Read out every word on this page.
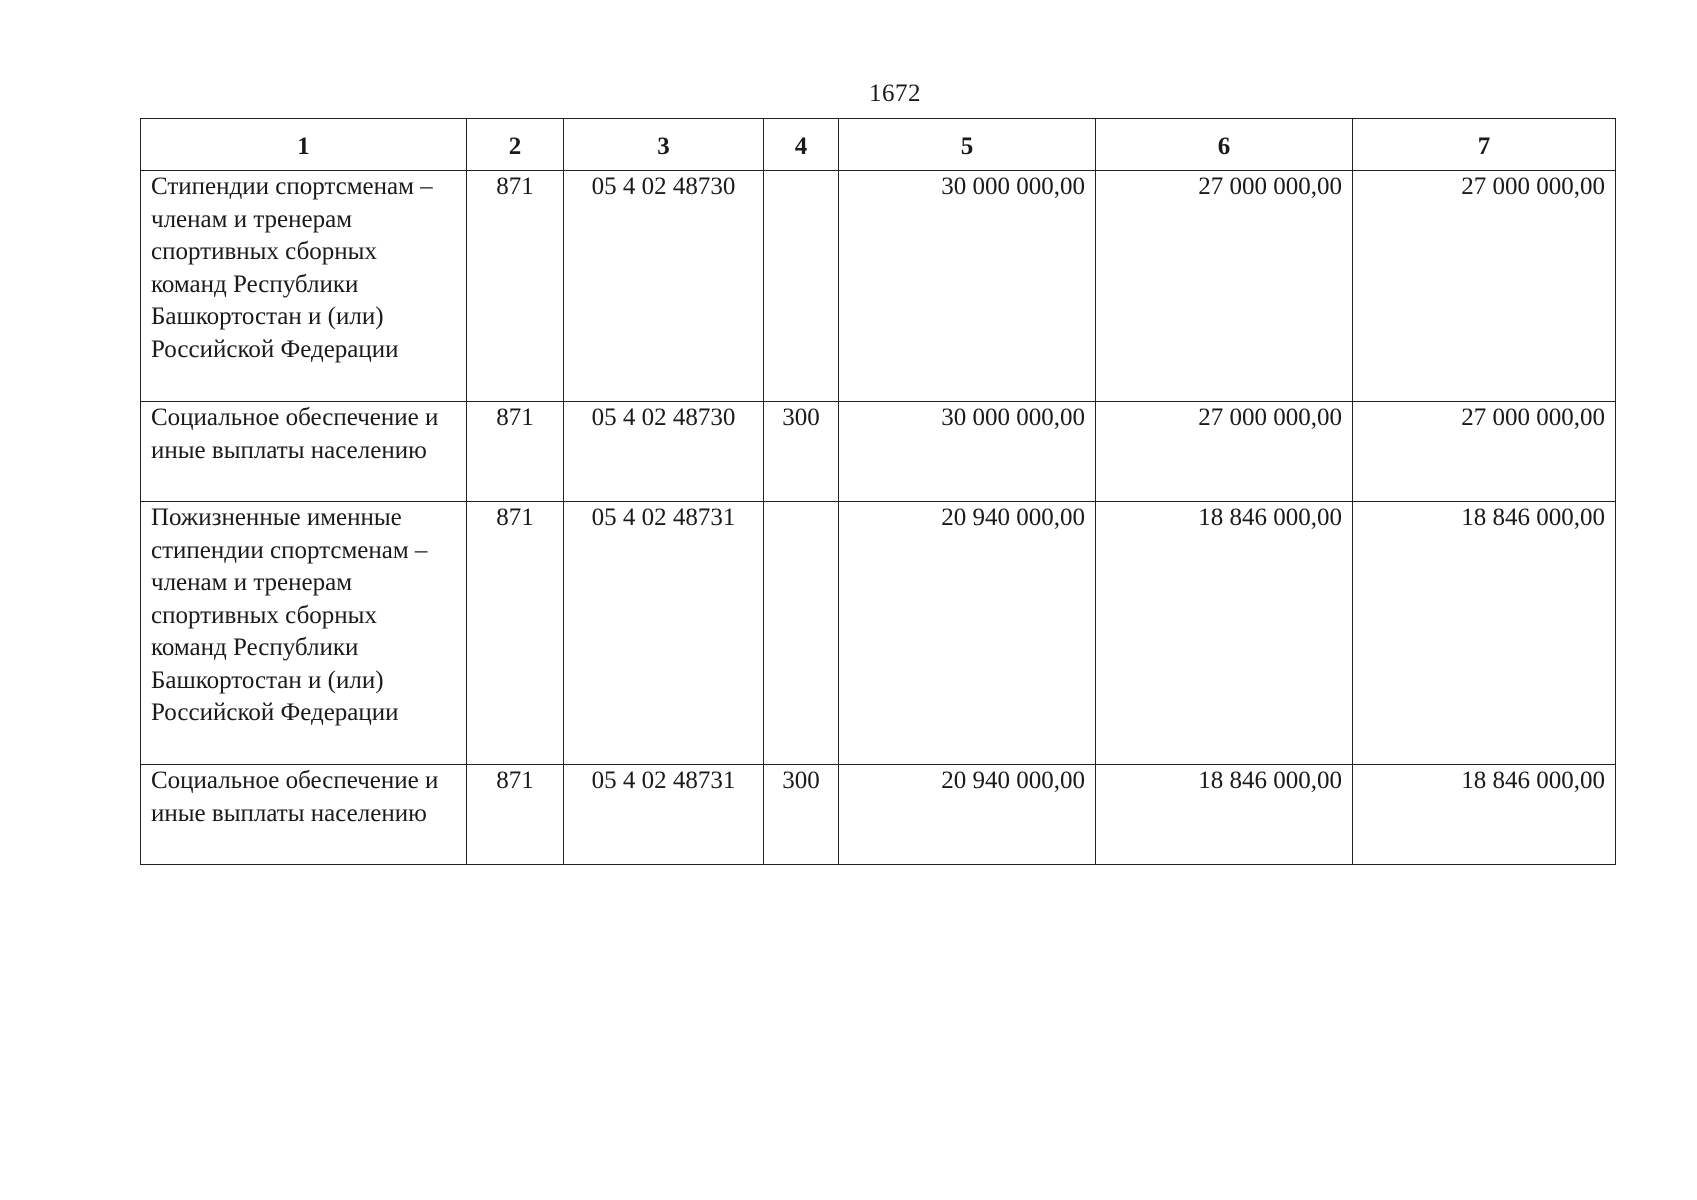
1672
1	2	3	4	5	6	7
Стипендии спортсменам – членам и тренерам спортивных сборных команд Республики Башкортостан и (или) Российской Федерации	871	05 4 02 48730		30 000 000,00	27 000 000,00	27 000 000,00
Социальное обеспечение и иные выплаты населению	871	05 4 02 48730	300	30 000 000,00	27 000 000,00	27 000 000,00
Пожизненные именные стипендии спортсменам – членам и тренерам спортивных сборных команд Республики Башкортостан и (или) Российской Федерации	871	05 4 02 48731		20 940 000,00	18 846 000,00	18 846 000,00
Социальное обеспечение и иные выплаты населению	871	05 4 02 48731	300	20 940 000,00	18 846 000,00	18 846 000,00
